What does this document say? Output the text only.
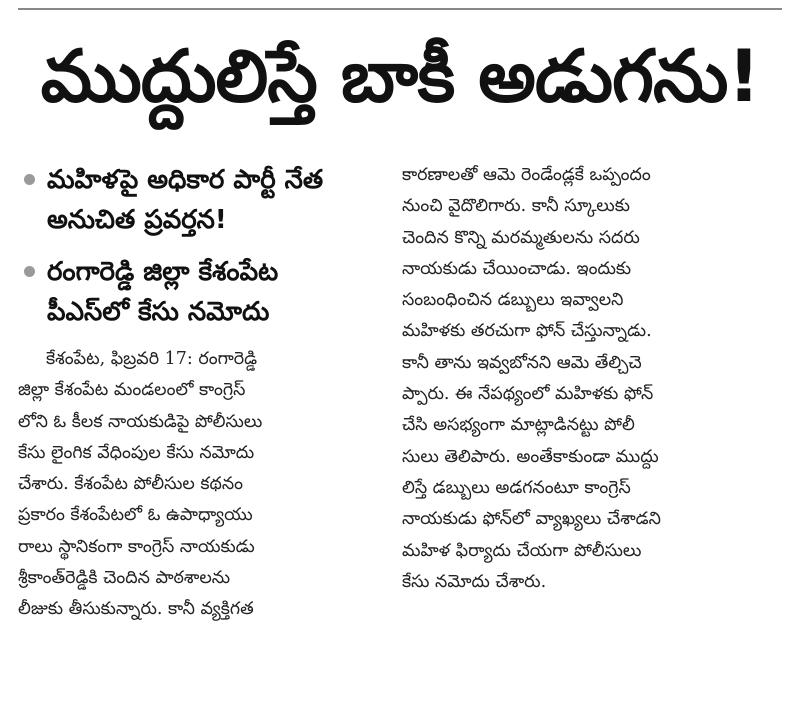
ముద్దులిస్తే బాకీ అడుగను!
మహిళపై అధికార పార్టీ నేత
అనుచిత ప్రవర్తన!
రంగారెడ్డి జిల్లా కేశంపేట
పీఎస్‌లో కేసు నమోదు
కేశంపేట, ఫిబ్రవరి 17: రంగారెడ్డి
జిల్లా కేశంపేట మండలంలో కాంగ్రెస్
లోని ఓ కీలక నాయకుడిపై పోలీసులు
కేసు లైంగిక వేధింపుల కేసు నమోదు
చేశారు. కేశంపేట పోలీసుల కథనం
ప్రకారం కేశంపేటలో ఓ ఉపాధ్యాయు
రాలు స్థానికంగా కాంగ్రెస్ నాయకుడు
శ్రీకాంత్‌రెడ్డికి చెందిన పాఠశాలను
లీజుకు తీసుకున్నారు. కానీ వ్యక్తిగత
కారణాలతో ఆమె రెండేండ్లకే ఒప్పందం
నుంచి వైదొలిగారు. కానీ స్కూలుకు
చెందిన కొన్ని మరమ్మతులను సదరు
నాయకుడు చేయించాడు. ఇందుకు
సంబంధించిన డబ్బులు ఇవ్వాలని
మహిళకు తరచుగా ఫోన్ చేస్తున్నాడు.
కానీ తాను ఇవ్వబోనని ఆమె తేల్చిచె
ప్పారు. ఈ నేపథ్యంలో మహిళకు ఫోన్
చేసి అసభ్యంగా మాట్లాడినట్టు పోలీ
సులు తెలిపారు. అంతేకాకుండా ముద్దు
లిస్తే డబ్బులు అడగనంటూ కాంగ్రెస్
నాయకుడు ఫోన్‌లో వ్యాఖ్యలు చేశాడని
మహిళ ఫిర్యాదు చేయగా పోలీసులు
కేసు నమోదు చేశారు.
